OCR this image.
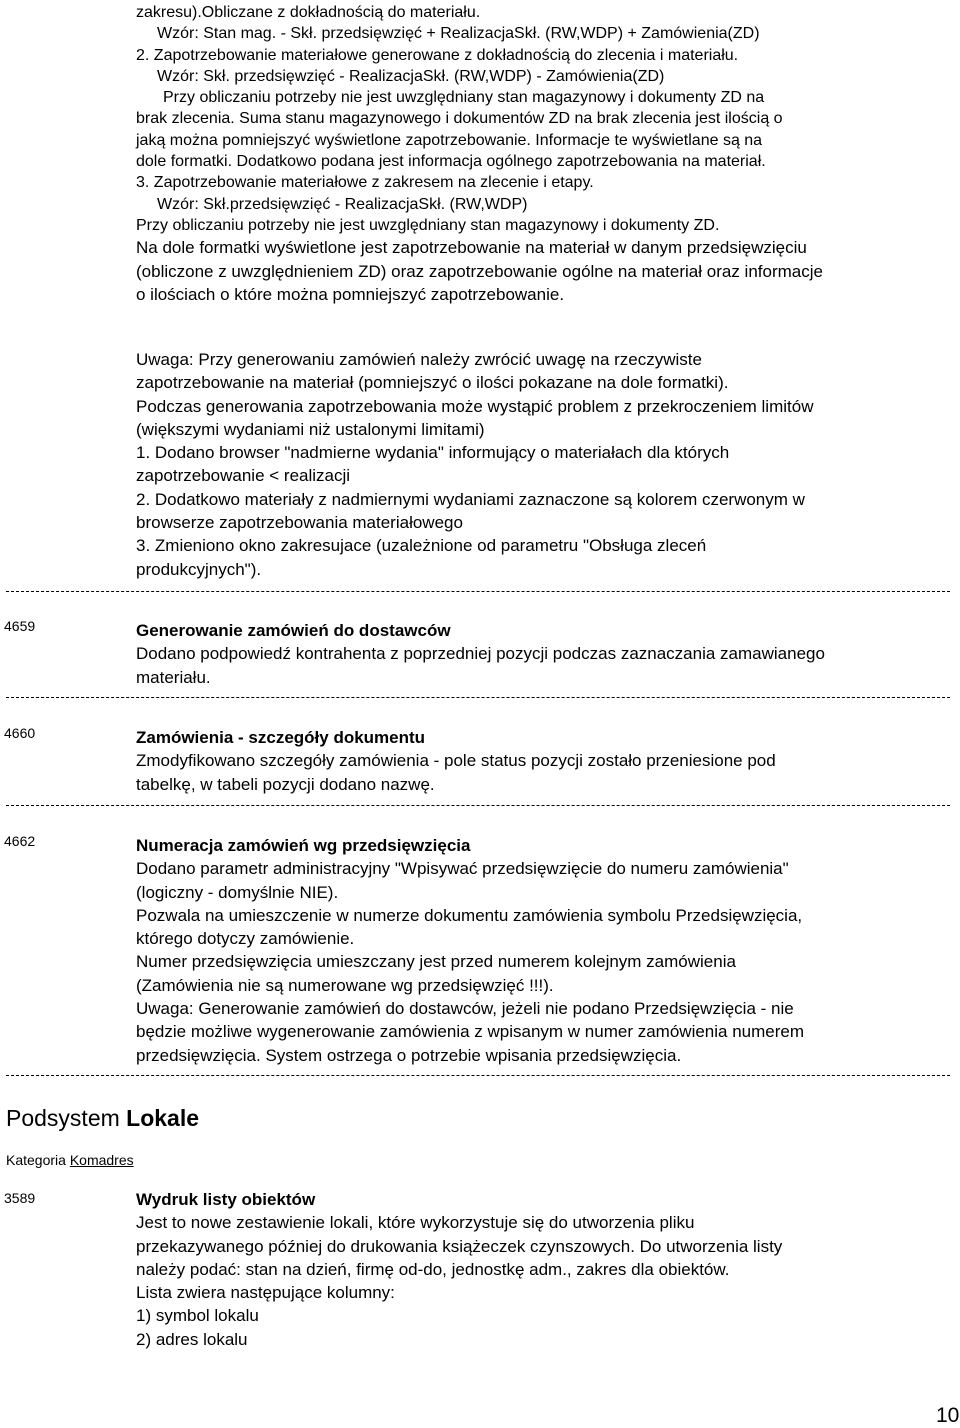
zakresu).Obliczane z dokładnością do materiału.
Wzór: Stan mag. - Skł. przedsięwzięć + RealizacjaSkł. (RW,WDP) + Zamówienia(ZD)
2. Zapotrzebowanie materiałowe generowane z dokładnością do zlecenia i materiału.
Wzór: Skł. przedsięwzięć - RealizacjaSkł. (RW,WDP) - Zamówienia(ZD)
Przy obliczaniu potrzeby nie jest uwzględniany stan magazynowy i dokumenty ZD na
brak zlecenia. Suma stanu magazynowego i dokumentów ZD na brak zlecenia jest ilością o
jaką można pomniejszyć wyświetlone zapotrzebowanie. Informacje te wyświetlane są na
dole formatki. Dodatkowo podana jest informacja ogólnego zapotrzebowania na materiał.
3. Zapotrzebowanie materiałowe z zakresem na zlecenie i etapy.
Wzór: Skł.przedsięwzięć - RealizacjaSkł. (RW,WDP)
Przy obliczaniu potrzeby nie jest uwzględniany stan magazynowy i dokumenty ZD.
Na dole formatki wyświetlone jest zapotrzebowanie na materiał w danym przedsięwzięciu
(obliczone z uwzględnieniem ZD) oraz zapotrzebowanie ogólne na materiał oraz informacje
o ilościach o które można pomniejszyć zapotrzebowanie.
Uwaga: Przy generowaniu zamówień należy zwrócić uwagę na rzeczywiste
zapotrzebowanie na materiał (pomniejszyć o ilości pokazane na dole formatki).
Podczas generowania zapotrzebowania może wystąpić problem z przekroczeniem limitów
(większymi wydaniami niż ustalonymi limitami)
1. Dodano browser "nadmierne wydania" informujący o materiałach dla których
zapotrzebowanie < realizacji
2. Dodatkowo materiały z nadmiernymi wydaniami zaznaczone są kolorem czerwonym w
browserze zapotrzebowania materiałowego
3. Zmieniono okno zakresujace (uzależnione od parametru "Obsługa zleceń
produkcyjnych").
4659	Generowanie zamówień do dostawców
Dodano podpowiedź kontrahenta z poprzedniej pozycji podczas zaznaczania zamawianego
materiału.
4660	Zamówienia - szczegóły dokumentu
Zmodyfikowano szczegóły zamówienia - pole status pozycji zostało przeniesione pod
tabelkę, w tabeli pozycji dodano nazwę.
4662	Numeracja zamówień wg przedsięwzięcia
Dodano parametr administracyjny "Wpisywać przedsięwzięcie do numeru zamówienia"
(logiczny - domyślnie NIE).
Pozwala na umieszczenie w numerze dokumentu zamówienia symbolu Przedsięwzięcia,
którego dotyczy zamówienie.
Numer przedsięwzięcia umieszczany jest przed numerem kolejnym zamówienia
(Zamówienia nie są numerowane wg przedsięwzięć !!!).
Uwaga: Generowanie zamówień do dostawców, jeżeli nie podano Przedsięwzięcia - nie
będzie możliwe wygenerowanie zamówienia z wpisanym w numer zamówienia numerem
przedsięwzięcia. System ostrzega o potrzebie wpisania przedsięwzięcia.
Podsystem Lokale
Kategoria Komadres
3589	Wydruk listy obiektów
Jest to nowe zestawienie lokali, które wykorzystuje się do utworzenia pliku
przekazywanego później do drukowania książeczek czynszowych. Do utworzenia listy
należy podać: stan na dzień, firmę od-do, jednostkę adm., zakres dla obiektów.
Lista zwiera następujące kolumny:
1) symbol lokalu
2) adres lokalu
10
